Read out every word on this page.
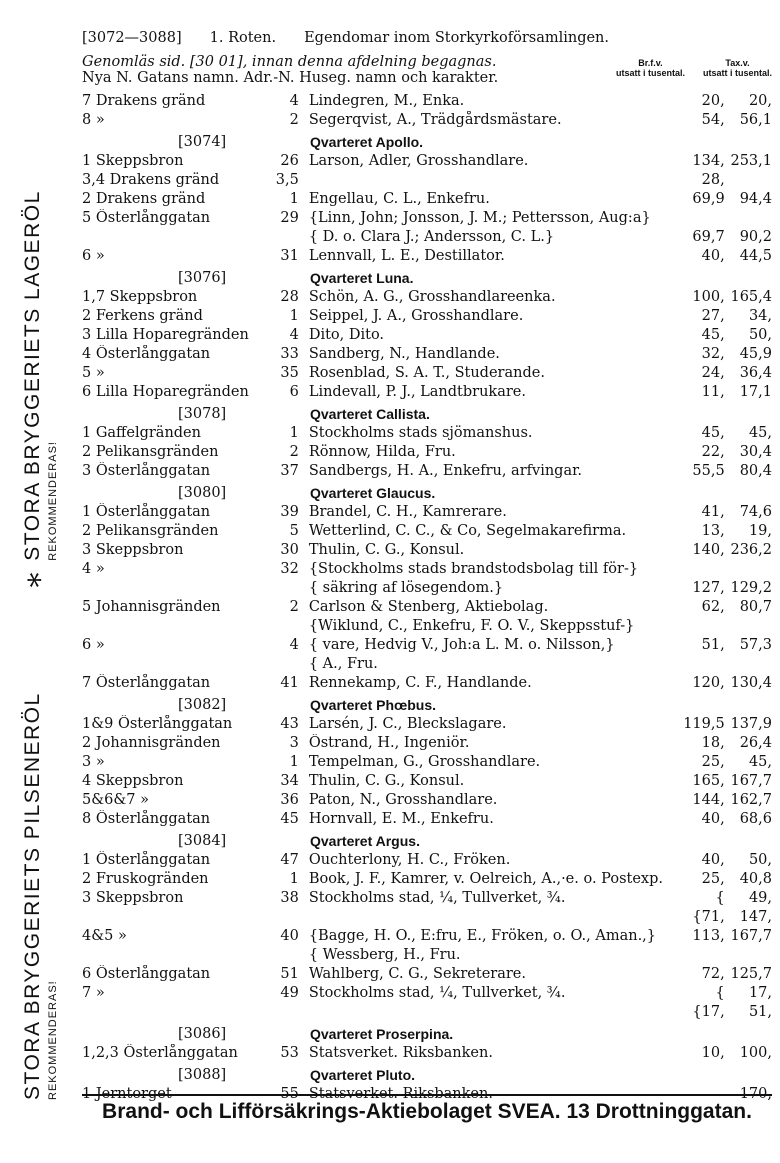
STORA BRYGGERIETS PILSENERÖL REKOMMENDERAS!
*
STORA BRYGGERIETS LAGERÖL REKOMMENDERAS!
[3072—3088] 1. Roten. Egendomar inom Storkyrkoförsamlingen.
Genomläs sid. [30 01], innan denna afdelning begagnas.
Nya N. Gatans namn. Adr.-N. Huseg. namn och karakter.
Br.f.v.
utsatt i tusental.
Tax.v.
utsatt i tusental.
7 Drakens gränd	4 Lindegren, M., Enka.	20,	20,
8 »	2 Segerqvist, A., Trädgårdsmästare.	54,	56,1
[3074]	Qvarteret Apollo.
1 Skeppsbron	26 Larson, Adler, Grosshandlare.	134, 253,1
3,4 Drakens gränd	3,5	28,
2 Drakens gränd	1 Engellau, C. L., Enkefru.	69,9	94,4
5 Österlånggatan	29 {Linn, John; Jonsson, J. M.; Pettersson, Aug:a}
{ D. o. Clara J.; Andersson, C. L.}	69,7	90,2
6 »	31 Lennvall, L. E., Destillator.	40,	44,5
[3076]	Qvarteret Luna.
1,7 Skeppsbron	28 Schön, A. G., Grosshandlareenka.	100, 165,4
2 Ferkens gränd	1 Seippel, J. A., Grosshandlare.	27,	34,
3 Lilla Hoparegränden	4 Dito, Dito.	45,	50,
4 Österlånggatan	33 Sandberg, N., Handlande.	32,	45,9
5 »	35 Rosenblad, S. A. T., Studerande.	24,	36,4
6 Lilla Hoparegränden	6 Lindevall, P. J., Landtbrukare.	11,	17,1
[3078]	Qvarteret Callista.
1 Gaffelgränden	1 Stockholms stads sjömanshus.	45,	45,
2 Pelikansgränden	2 Rönnow, Hilda, Fru.	22,	30,4
3 Österlånggatan	37 Sandbergs, H. A., Enkefru, arfvingar.	55,5	80,4
[3080]	Qvarteret Glaucus.
1 Österlånggatan	39 Brandel, C. H., Kamrerare.	41,	74,6
2 Pelikansgränden	5 Wetterlind, C. C., & Co, Segelmakarefirma.	13,	19,
3 Skeppsbron	30 Thulin, C. G., Konsul.	140, 236,2
4 »	32 {Stockholms stads brandstodsbolag till för-}
{ säkring af lösegendom.}	127, 129,2
5 Johannisgränden	2 Carlson & Stenberg, Aktiebolag.	62,	80,7
{Wiklund, C., Enkefru, F. O. V., Skeppsstuf-}
6 »	4 { vare, Hedvig V., Joh:a L. M. o. Nilsson,}	51,	57,3
{ A., Fru.
7 Österlånggatan	41 Rennekamp, C. F., Handlande.	120, 130,4
[3082]	Qvarteret Phœbus.
1&9 Österlånggatan	43 Larsén, J. C., Bleckslagare.	119,5 137,9
2 Johannisgränden	3 Östrand, H., Ingeniör.	18,	26,4
3 »	1 Tempelman, G., Grosshandlare.	25,	45,
4 Skeppsbron	34 Thulin, C. G., Konsul.	165, 167,7
5&6&7 »	36 Paton, N., Grosshandlare.	144, 162,7
8 Österlånggatan	45 Hornvall, E. M., Enkefru.	40,	68,6
[3084]	Qvarteret Argus.
1 Österlånggatan	47 Ouchterlony, H. C., Fröken.	40,	50,
2 Fruskogränden	1 Book, J. F., Kamrer, v. Oelreich, A.,·e. o. Postexp.	25,	40,8
3 Skeppsbron	38 Stockholms stad, ¼, Tullverket, ¾.	{	49,
{71,	147,
4&5 »	40 {Bagge, H. O., E:fru, E., Fröken, o. O., Aman.,}	113, 167,7
{ Wessberg, H., Fru.
6 Österlånggatan	51 Wahlberg, C. G., Sekreterare.	72, 125,7
7 »	49 Stockholms stad, ¼, Tullverket, ¾.	{	17,
{17,	51,
[3086]	Qvarteret Proserpina.
1,2,3 Österlånggatan	53 Statsverket. Riksbanken.	10,	100,
[3088]	Qvarteret Pluto.
1 Jerntorget	55 Statsverket. Riksbanken.	170,
Brand- och Lifförsäkrings-Aktiebolaget SVEA. 13 Drottninggatan.
